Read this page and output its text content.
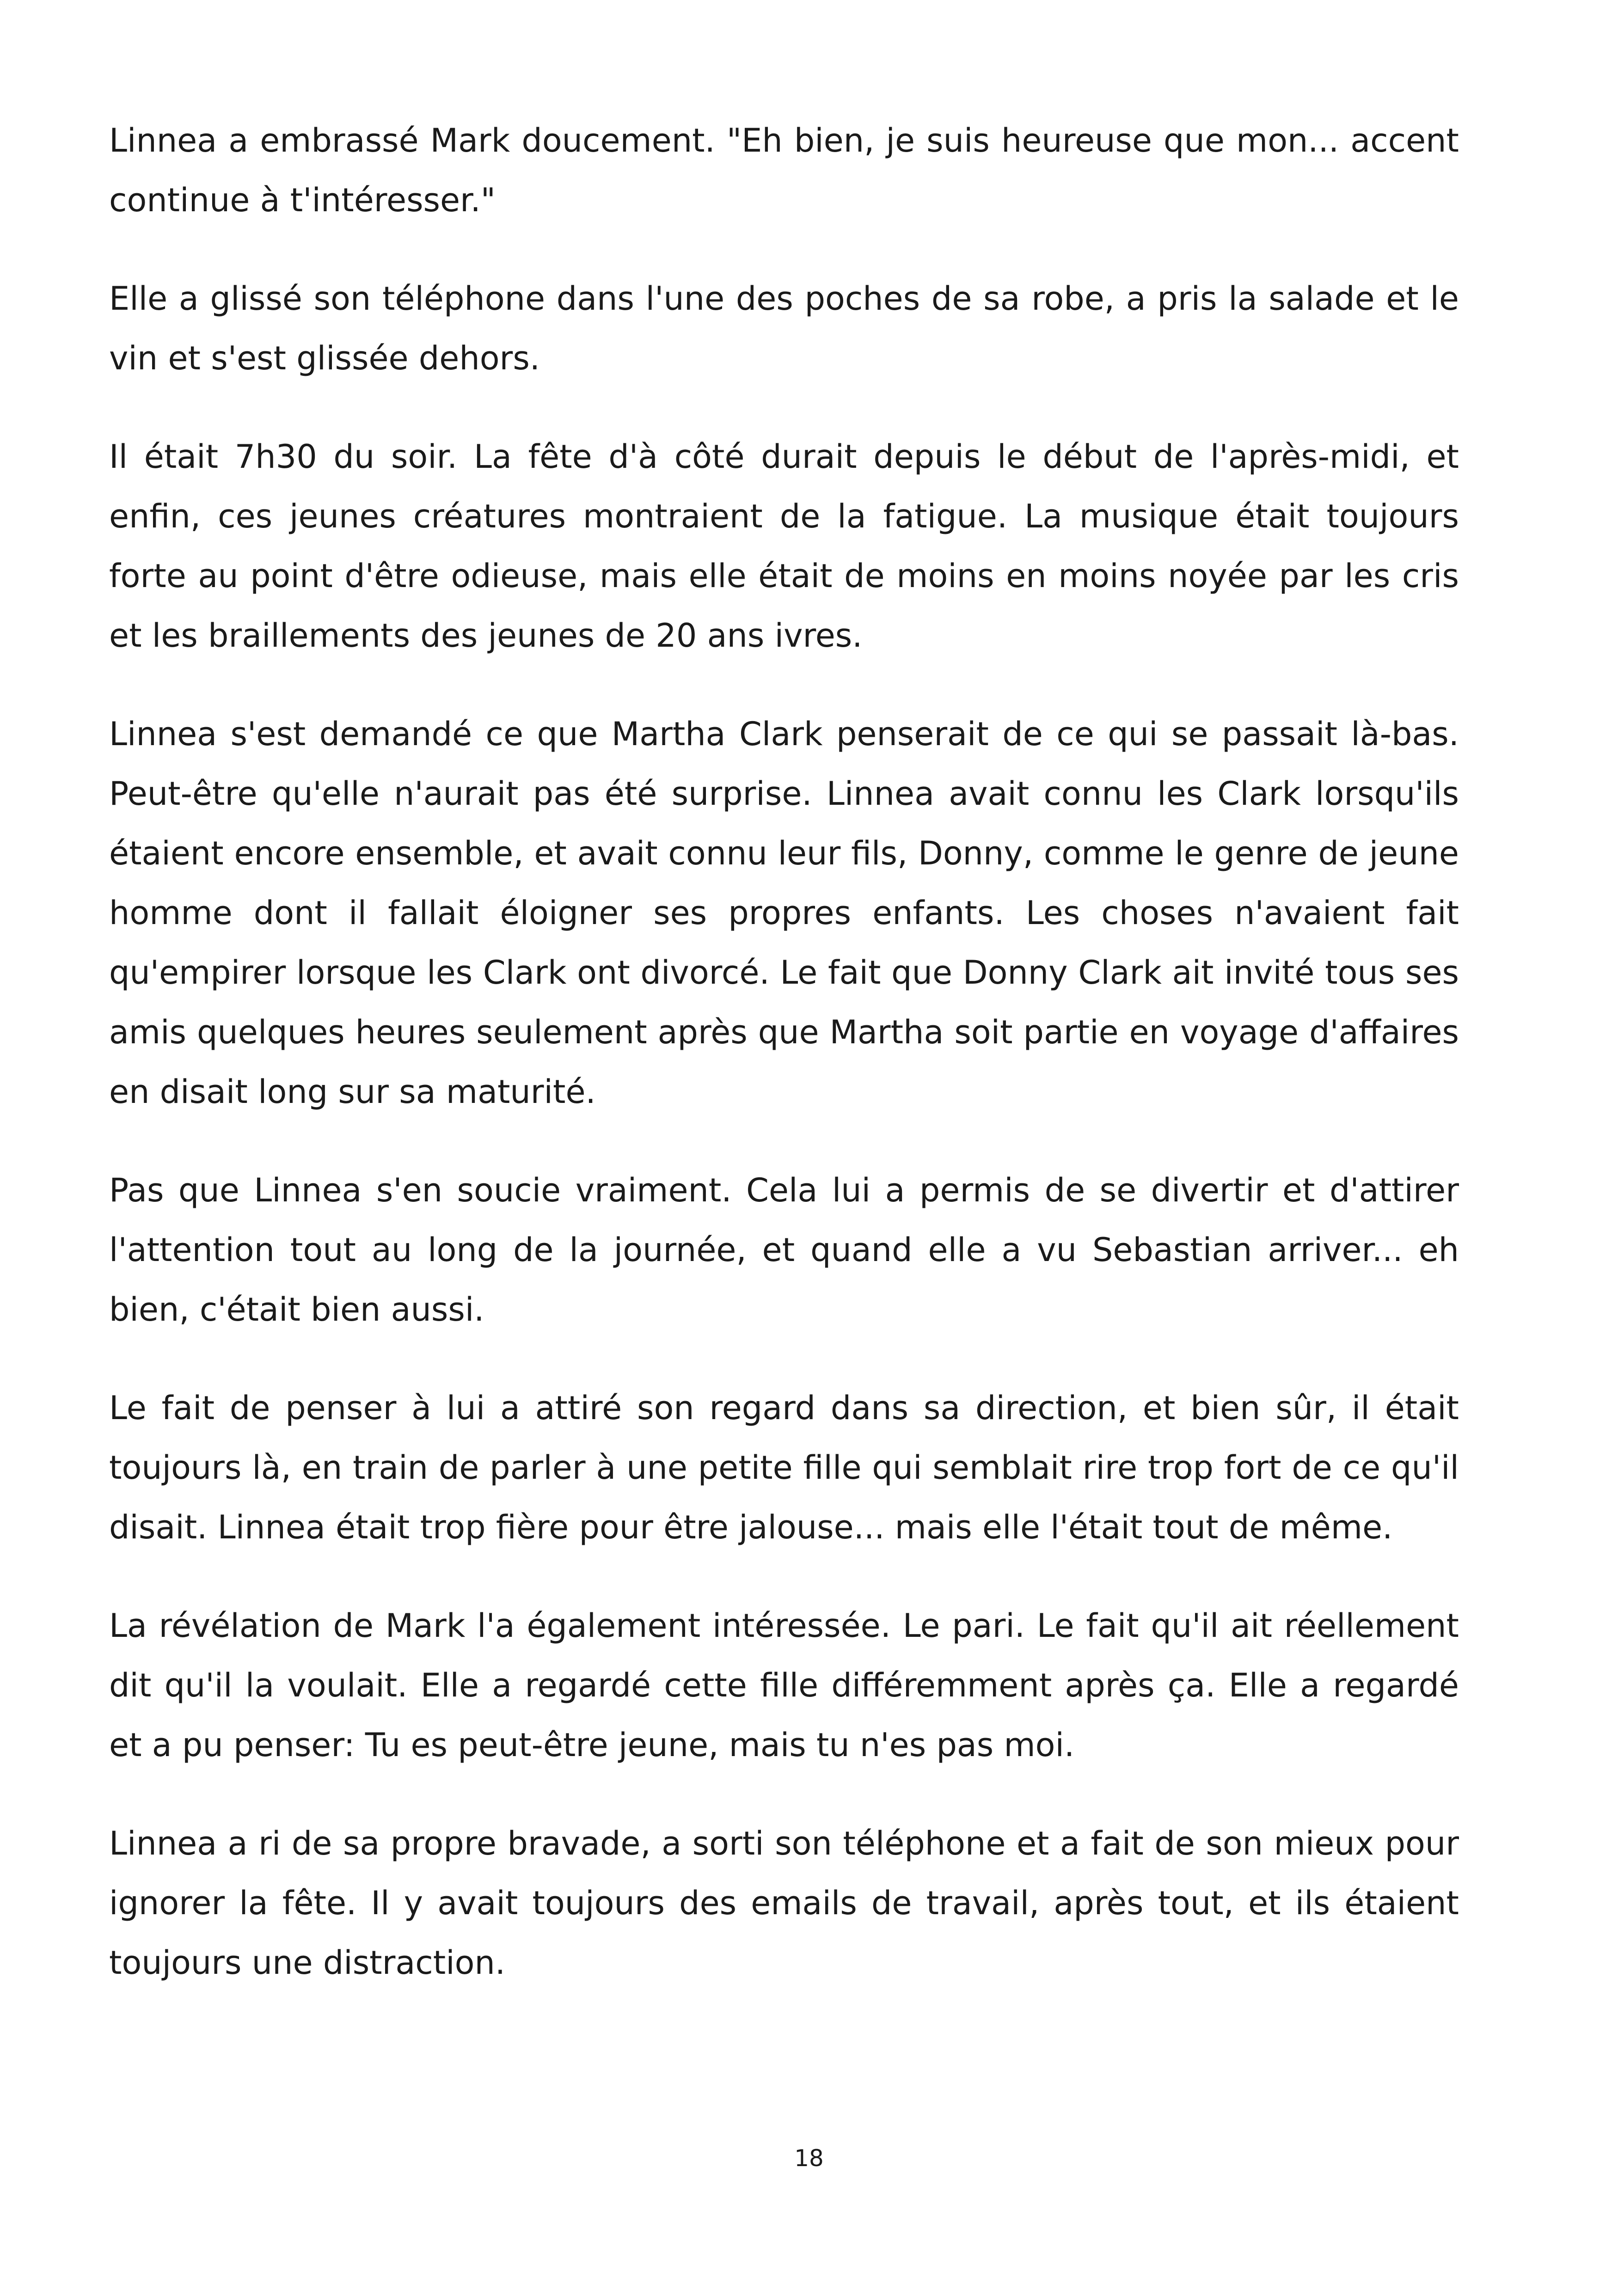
Linnea a embrassé Mark doucement. "Eh bien, je suis heureuse que mon... accent continue à t'intéresser."

Elle a glissé son téléphone dans l'une des poches de sa robe, a pris la salade et le vin et s'est glissée dehors.

Il était 7h30 du soir. La fête d'à côté durait depuis le début de l'après-midi, et enfin, ces jeunes créatures montraient de la fatigue. La musique était toujours forte au point d'être odieuse, mais elle était de moins en moins noyée par les cris et les braillements des jeunes de 20 ans ivres.

Linnea s'est demandé ce que Martha Clark penserait de ce qui se passait là-bas. Peut-être qu'elle n'aurait pas été surprise. Linnea avait connu les Clark lorsqu'ils étaient encore ensemble, et avait connu leur fils, Donny, comme le genre de jeune homme dont il fallait éloigner ses propres enfants. Les choses n'avaient fait qu'empirer lorsque les Clark ont divorcé. Le fait que Donny Clark ait invité tous ses amis quelques heures seulement après que Martha soit partie en voyage d'affaires en disait long sur sa maturité.

Pas que Linnea s'en soucie vraiment. Cela lui a permis de se divertir et d'attirer l'attention tout au long de la journée, et quand elle a vu Sebastian arriver... eh bien, c'était bien aussi.

Le fait de penser à lui a attiré son regard dans sa direction, et bien sûr, il était toujours là, en train de parler à une petite fille qui semblait rire trop fort de ce qu'il disait. Linnea était trop fière pour être jalouse... mais elle l'était tout de même.

La révélation de Mark l'a également intéressée. Le pari. Le fait qu'il ait réellement dit qu'il la voulait. Elle a regardé cette fille différemment après ça. Elle a regardé et a pu penser: Tu es peut-être jeune, mais tu n'es pas moi.

Linnea a ri de sa propre bravade, a sorti son téléphone et a fait de son mieux pour ignorer la fête. Il y avait toujours des emails de travail, après tout, et ils étaient toujours une distraction.

18
